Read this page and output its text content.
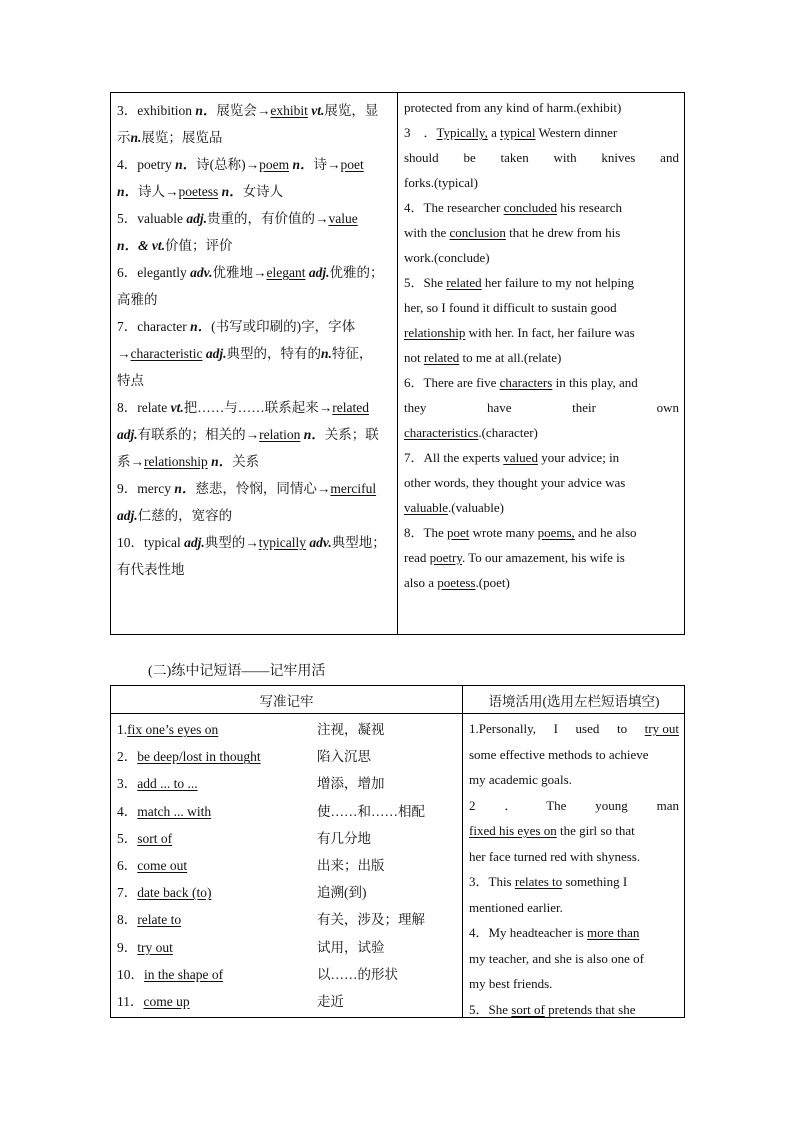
3．exhibition n．展览会→exhibit vt.展览，显
示n.展览；展览品
4．poetry n．诗(总称)→poem n．诗→poet
n．诗人→poetess n．女诗人
5．valuable adj.贵重的，有价值的→value
n．& vt.价值；评价
6．elegantly adv.优雅地→elegant adj.优雅的；
高雅的
7．character n．(书写或印刷的)字，字体
→characteristic adj.典型的，特有的n.特征，
特点
8．relate vt.把……与……联系起来→related
adj.有联系的；相关的→relation n．关系；联
系→relationship n．关系
9．mercy n．慈悲，怜悯，同情心→merciful
adj.仁慈的，宽容的
10．typical adj.典型的→typically adv.典型地；
有代表性地
protected from any kind of harm.(exhibit)
3　．Typically, a typical Western dinner
should be taken with knives and
forks.(typical)
4．The researcher concluded his research
with the conclusion that he drew from his
work.(conclude)
5．She related her failure to my not helping
her, so I found it difficult to sustain good
relationship with her. In fact, her failure was
not related to me at all.(relate)
6．There are five characters in this play, and
they	have	their	own
characteristics.(character)
7．All the experts valued your advice; in
other words, they thought your advice was
valuable.(valuable)
8．The poet wrote many poems, and he also
read poetry. To our amazement, his wife is
also a poetess.(poet)
(二)练中记短语——记牢用活
写准记牢	语境活用(选用左栏短语填空)
1.fix one’s eyes on	注视，凝视
2．be deep/lost in thought	陷入沉思
3．add ... to ...	增添，增加
4．match ... with	使……和……相配
5．sort of	有几分地
6．come out	出来；出版
7．date back (to)	追溯(到)
8．relate to	有关，涉及；理解
9．try out	试用，试验
10．in the shape of	以……的形状
11．come up	走近
1.Personally, I used to try out
some effective methods to achieve
my academic goals.
2 ． The young man
fixed his eyes on the girl so that
her face turned red with shyness.
3．This relates to something I
mentioned earlier.
4．My headteacher is more than
my teacher, and she is also one of
my best friends.
5．She sort of pretends that she
